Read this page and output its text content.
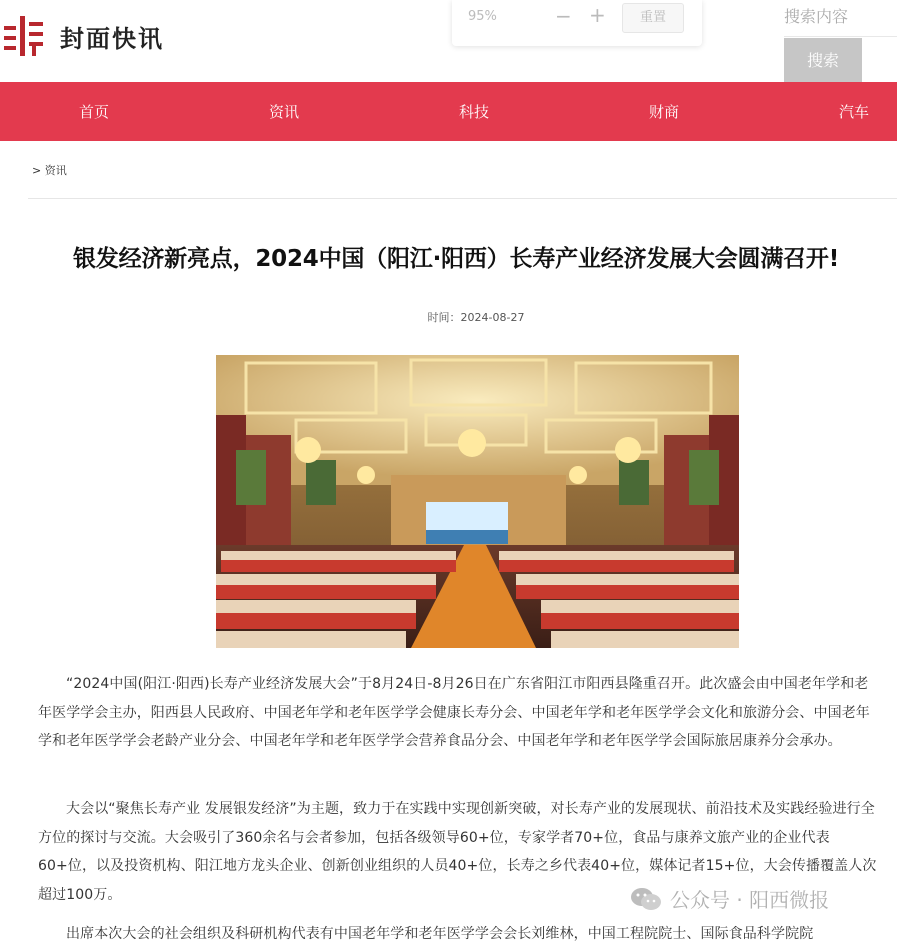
封面快讯
95%	− +	重置
搜索内容
搜索
首页	资讯	科技	财商	汽车
> 资讯
银发经济新亮点，2024中国（阳江·阳西）长寿产业经济发展大会圆满召开!
时间：2024-08-27
“2024中国(阳江·阳西)长寿产业经济发展大会”于8月24日-8月26日在广东省阳江市阳西县隆重召开。此次盛会由中国老年学和老年医学学会主办，阳西县人民政府、中国老年学和老年医学学会健康长寿分会、中国老年学和老年医学学会文化和旅游分会、中国老年学和老年医学学会老龄产业分会、中国老年学和老年医学学会营养食品分会、中国老年学和老年医学学会国际旅居康养分会承办。
大会以“聚焦长寿产业 发展银发经济”为主题，致力于在实践中实现创新突破，对长寿产业的发展现状、前沿技术及实践经验进行全方位的探讨与交流。大会吸引了360余名与会者参加，包括各级领导60+位，专家学者70+位，食品与康养文旅产业的企业代表60+位，以及投资机构、阳江地方龙头企业、创新创业组织的人员40+位，长寿之乡代表40+位，媒体记者15+位，大会传播覆盖人次超过100万。
出席本次大会的社会组织及科研机构代表有中国老年学和老年医学学会会长刘维林，中国工程院院士、国际食品科学院院
公众号 · 阳西微报
